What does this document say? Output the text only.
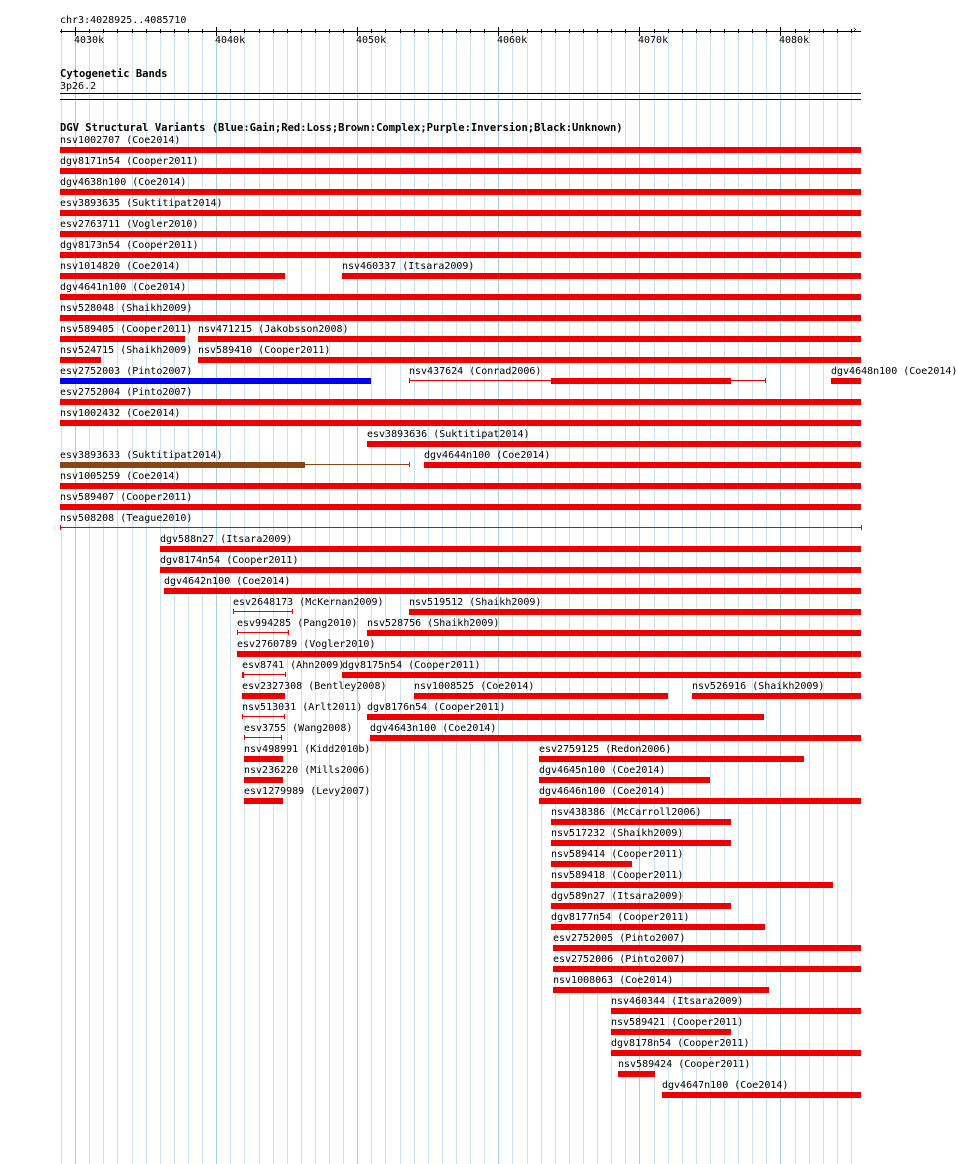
chr3:4028925..4085710
›
4030k	4040k	4050k	4060k	4070k	4080k
Cytogenetic Bands
3p26.2
DGV Structural Variants (Blue:Gain;Red:Loss;Brown:Complex;Purple:Inversion;Black:Unknown)
nsv1002707 (Coe2014)
dgv8171n54 (Cooper2011)
dgv4638n100 (Coe2014)
esv3893635 (Suktitipat2014)
esv2763711 (Vogler2010)
dgv8173n54 (Cooper2011)
nsv1014820 (Coe2014)	nsv460337 (Itsara2009)
dgv4641n100 (Coe2014)
nsv528048 (Shaikh2009)
nsv589405 (Cooper2011) nsv471215 (Jakobsson2008)
nsv524715 (Shaikh2009) nsv589410 (Cooper2011)
esv2752003 (Pinto2007)	nsv437624 (Conrad2006)	dgv4648n100 (Coe2014)
esv2752004 (Pinto2007)
nsv1002432 (Coe2014)
esv3893636 (Suktitipat2014)
esv3893633 (Suktitipat2014)	dgv4644n100 (Coe2014)
nsv1005259 (Coe2014)
nsv589407 (Cooper2011)
nsv508208 (Teague2010)
dgv588n27 (Itsara2009)
dgv8174n54 (Cooper2011)
dgv4642n100 (Coe2014)
esv2648173 (McKernan2009)	nsv519512 (Shaikh2009)
esv994285 (Pang2010) nsv528756 (Shaikh2009)
esv2760789 (Vogler2010)
esv8741 (Ahn2009)
dgv8175n54 (Cooper2011)
esv2327308 (Bentley2008)	nsv1008525 (Coe2014)	nsv526916 (Shaikh2009)
nsv513031 (Arlt2011) dgv8176n54 (Cooper2011)
esv3755 (Wang2008) dgv4643n100 (Coe2014)
nsv498991 (Kidd2010b)	esv2759125 (Redon2006)
nsv236220 (Mills2006)	dgv4645n100 (Coe2014)
esv1279989 (Levy2007)	dgv4646n100 (Coe2014)
nsv438386 (McCarroll2006)
nsv517232 (Shaikh2009)
nsv589414 (Cooper2011)
nsv589418 (Cooper2011)
dgv589n27 (Itsara2009)
dgv8177n54 (Cooper2011)
esv2752005 (Pinto2007)
esv2752006 (Pinto2007)
nsv1008063 (Coe2014)
nsv460344 (Itsara2009)
nsv589421 (Cooper2011)
dgv8178n54 (Cooper2011)
nsv589424 (Cooper2011)
dgv4647n100 (Coe2014)
